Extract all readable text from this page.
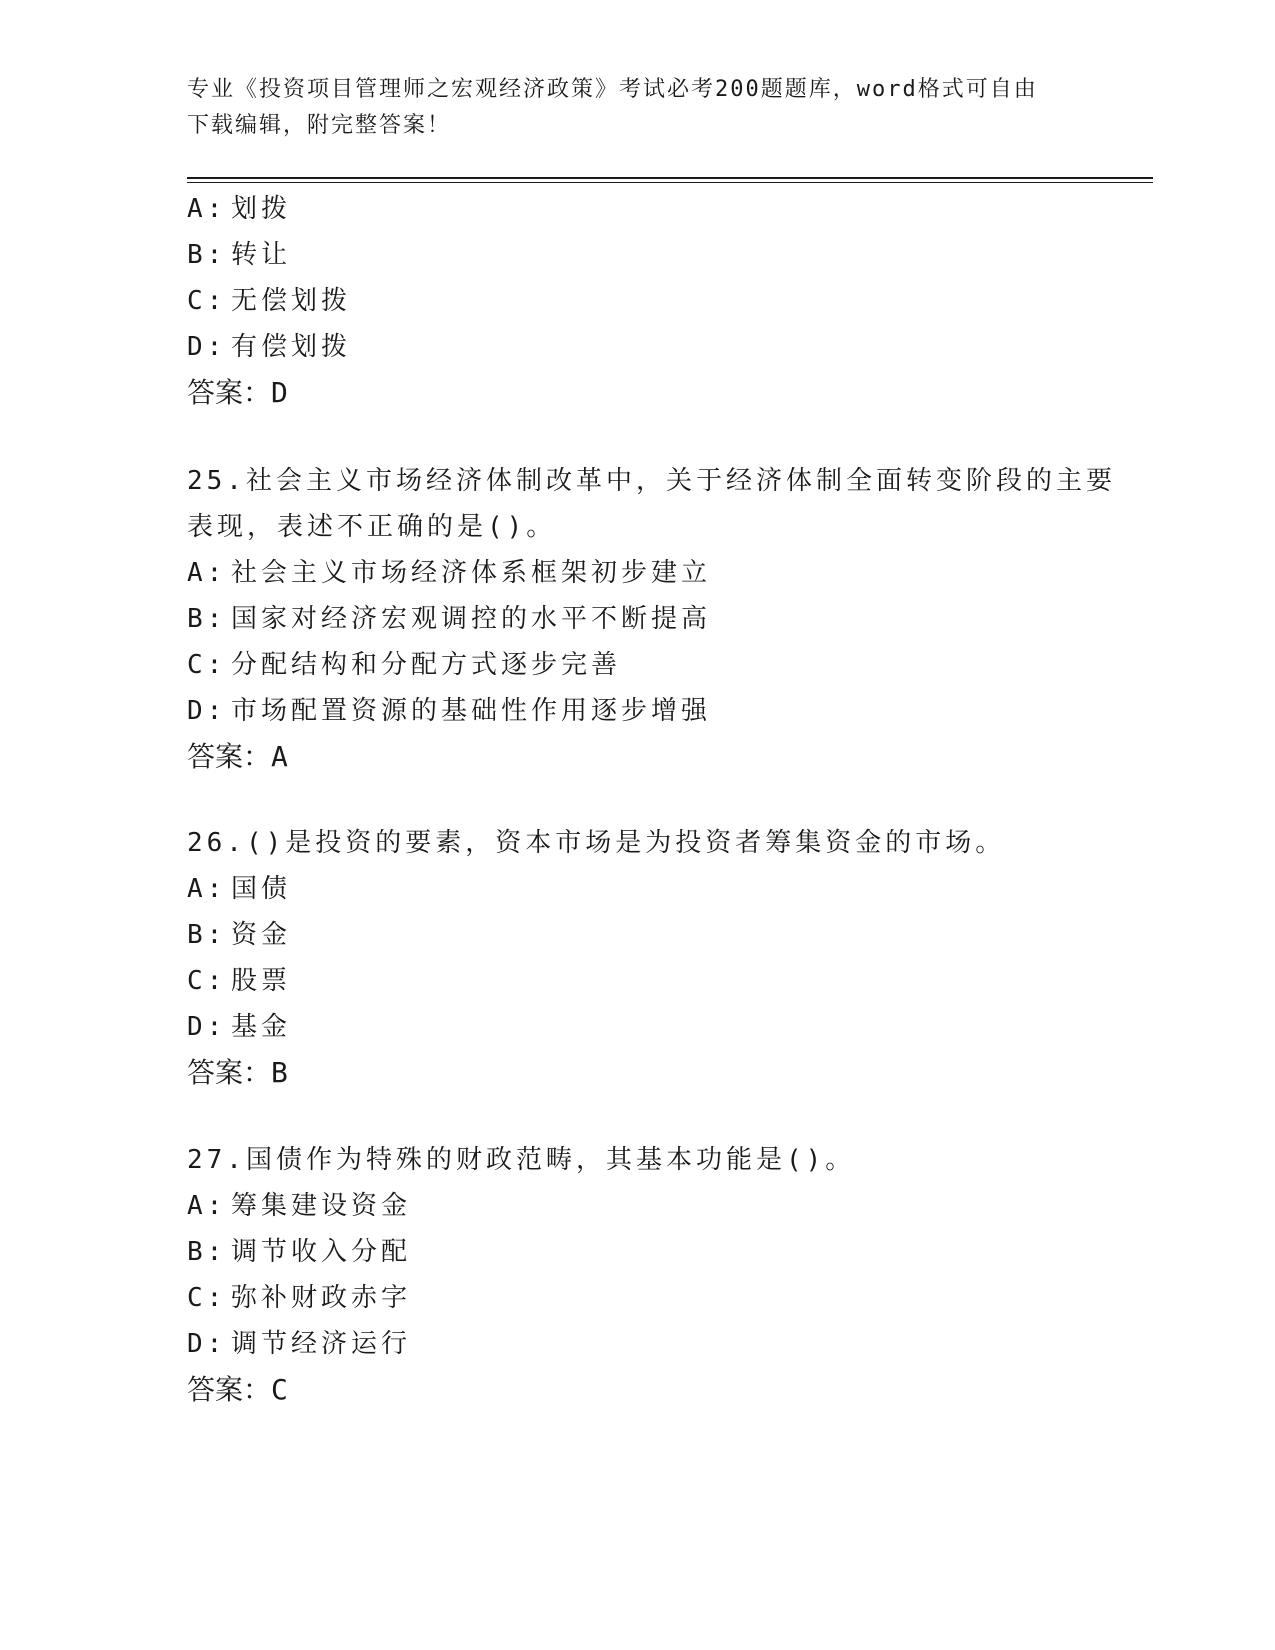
专业《投资项目管理师之宏观经济政策》考试必考200题题库，word格式可自由
下载编辑，附完整答案！
A: 划拨
B: 转让
C: 无偿划拨
D: 有偿划拨
答案：D
25.社会主义市场经济体制改革中，关于经济体制全面转变阶段的主要
表现，表述不正确的是()。
A: 社会主义市场经济体系框架初步建立
B: 国家对经济宏观调控的水平不断提高
C: 分配结构和分配方式逐步完善
D: 市场配置资源的基础性作用逐步增强
答案：A
26.()是投资的要素，资本市场是为投资者筹集资金的市场。
A: 国债
B: 资金
C: 股票
D: 基金
答案：B
27.国债作为特殊的财政范畴，其基本功能是()。
A: 筹集建设资金
B: 调节收入分配
C: 弥补财政赤字
D: 调节经济运行
答案：C
